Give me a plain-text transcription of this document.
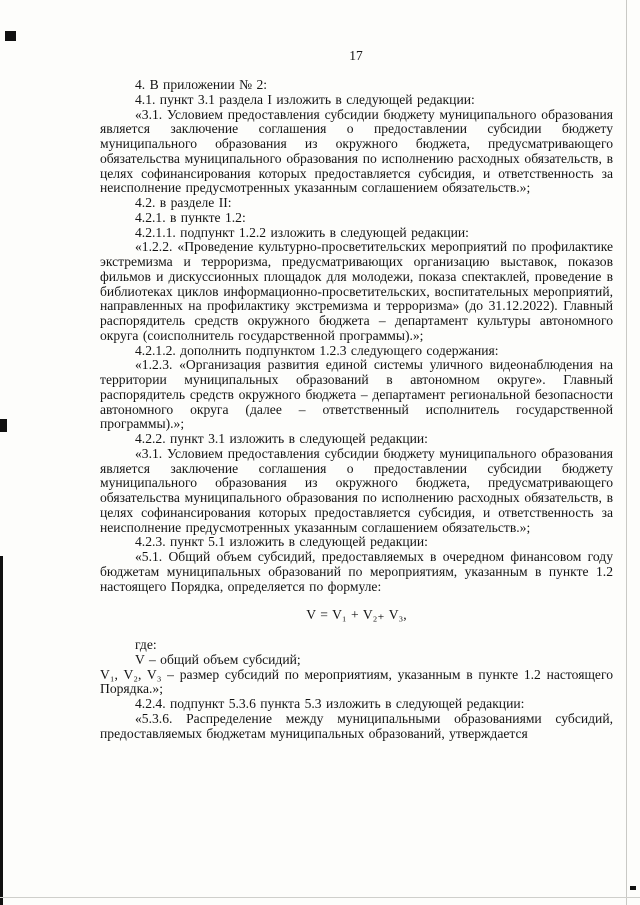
17

4. В приложении № 2:

4.1. пункт 3.1 раздела I изложить в следующей редакции:

«3.1. Условием предоставления субсидии бюджету муниципального образования является заключение соглашения о предоставлении субсидии бюджету муниципального образования из окружного бюджета, предусматривающего обязательства муниципального образования по исполнению расходных обязательств, в целях софинансирования которых предоставляется субсидия, и ответственность за неисполнение предусмотренных указанным соглашением обязательств.»;

4.2. в разделе II:

4.2.1. в пункте 1.2:

4.2.1.1. подпункт 1.2.2 изложить в следующей редакции:

«1.2.2. «Проведение культурно-просветительских мероприятий по профилактике экстремизма и терроризма, предусматривающих организацию выставок, показов фильмов и дискуссионных площадок для молодежи, показа спектаклей, проведение в библиотеках циклов информационно-просветительских, воспитательных мероприятий, направленных на профилактику экстремизма и терроризма» (до 31.12.2022). Главный распорядитель средств окружного бюджета – департамент культуры автономного округа (соисполнитель государственной программы).»;

4.2.1.2. дополнить подпунктом 1.2.3 следующего содержания:

«1.2.3. «Организация развития единой системы уличного видеонаблюдения на территории муниципальных образований в автономном округе». Главный распорядитель средств окружного бюджета – департамент региональной безопасности автономного округа (далее – ответственный исполнитель государственной программы).»;

4.2.2. пункт 3.1 изложить в следующей редакции:

«3.1. Условием предоставления субсидии бюджету муниципального образования является заключение соглашения о предоставлении субсидии бюджету муниципального образования из окружного бюджета, предусматривающего обязательства муниципального образования по исполнению расходных обязательств, в целях софинансирования которых предоставляется субсидия, и ответственность за неисполнение предусмотренных указанным соглашением обязательств.»;

4.2.3. пункт 5.1 изложить в следующей редакции:

«5.1. Общий объем субсидий, предоставляемых в очередном финансовом году бюджетам муниципальных образований по мероприятиям, указанным в пункте 1.2 настоящего Порядка, определяется по формуле:

V = V₁ + V₂₊ V₃,

где:

V – общий объем субсидий;

V₁, V₂, V₃ – размер субсидий по мероприятиям, указанным в пункте 1.2 настоящего Порядка.»;

4.2.4. подпункт 5.3.6 пункта 5.3 изложить в следующей редакции:

«5.3.6. Распределение между муниципальными образованиями субсидий, предоставляемых бюджетам муниципальных образований, утверждается
